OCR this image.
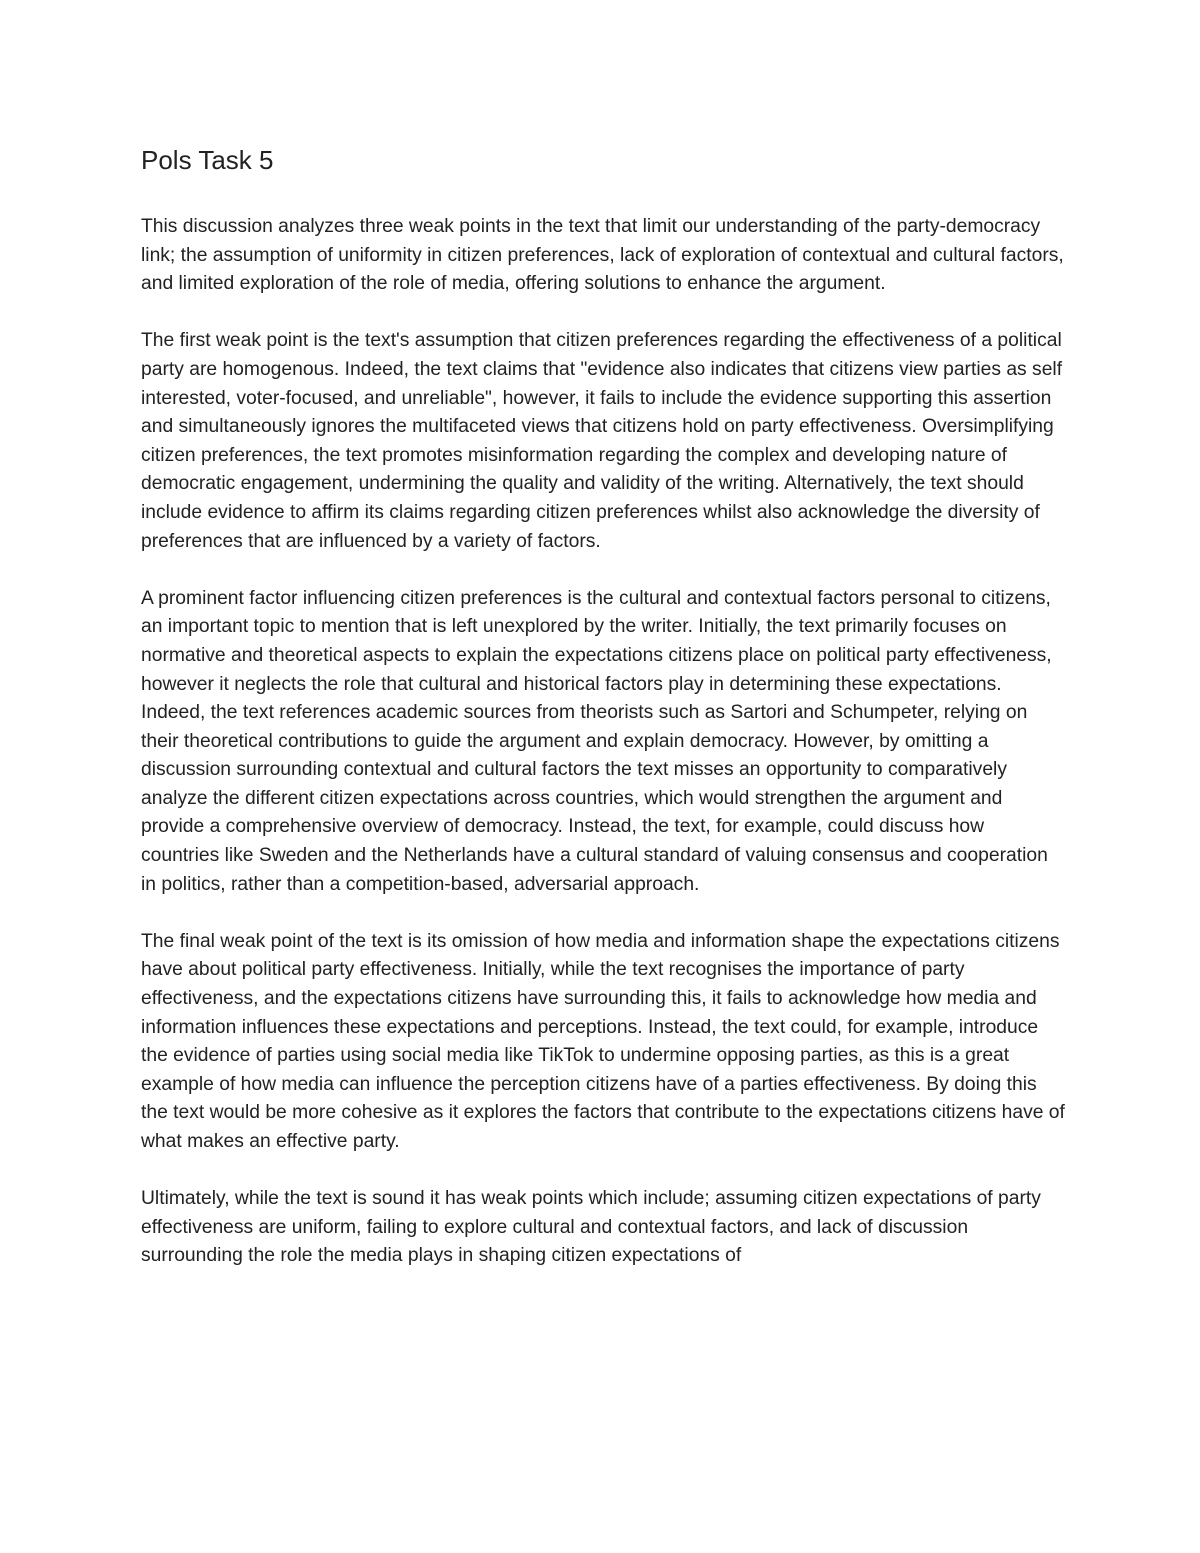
Pols Task 5

This discussion analyzes three weak points in the text that limit our understanding of the party-democracy link; the assumption of uniformity in citizen preferences, lack of exploration of contextual and cultural factors, and limited exploration of the role of media, offering solutions to enhance the argument.

The first weak point is the text's assumption that citizen preferences regarding the effectiveness of a political party are homogenous. Indeed, the text claims that "evidence also indicates that citizens view parties as self interested, voter-focused, and unreliable", however, it fails to include the evidence supporting this assertion and simultaneously ignores the multifaceted views that citizens hold on party effectiveness. Oversimplifying citizen preferences, the text promotes misinformation regarding the complex and developing nature of democratic engagement, undermining the quality and validity of the writing. Alternatively, the text should include evidence to affirm its claims regarding citizen preferences whilst also acknowledge the diversity of preferences that are influenced by a variety of factors.

A prominent factor influencing citizen preferences is the cultural and contextual factors personal to citizens, an important topic to mention that is left unexplored by the writer. Initially, the text primarily focuses on normative and theoretical aspects to explain the expectations citizens place on political party effectiveness, however it neglects the role that cultural and historical factors play in determining these expectations. Indeed, the text references academic sources from theorists such as Sartori and Schumpeter, relying on their theoretical contributions to guide the argument and explain democracy. However, by omitting a discussion surrounding contextual and cultural factors the text misses an opportunity to comparatively analyze the different citizen expectations across countries, which would strengthen the argument and provide a comprehensive overview of democracy. Instead, the text, for example, could discuss how countries like Sweden and the Netherlands have a cultural standard of valuing consensus and cooperation in politics, rather than a competition-based, adversarial approach.

The final weak point of the text is its omission of how media and information shape the expectations citizens have about political party effectiveness. Initially, while the text recognises the importance of party effectiveness, and the expectations citizens have surrounding this, it fails to acknowledge how media and information influences these expectations and perceptions. Instead, the text could, for example, introduce the evidence of parties using social media like TikTok to undermine opposing parties, as this is a great example of how media can influence the perception citizens have of a parties effectiveness. By doing this the text would be more cohesive as it explores the factors that contribute to the expectations citizens have of what makes an effective party.

Ultimately, while the text is sound it has weak points which include; assuming citizen expectations of party effectiveness are uniform, failing to explore cultural and contextual factors, and lack of discussion surrounding the role the media plays in shaping citizen expectations of
